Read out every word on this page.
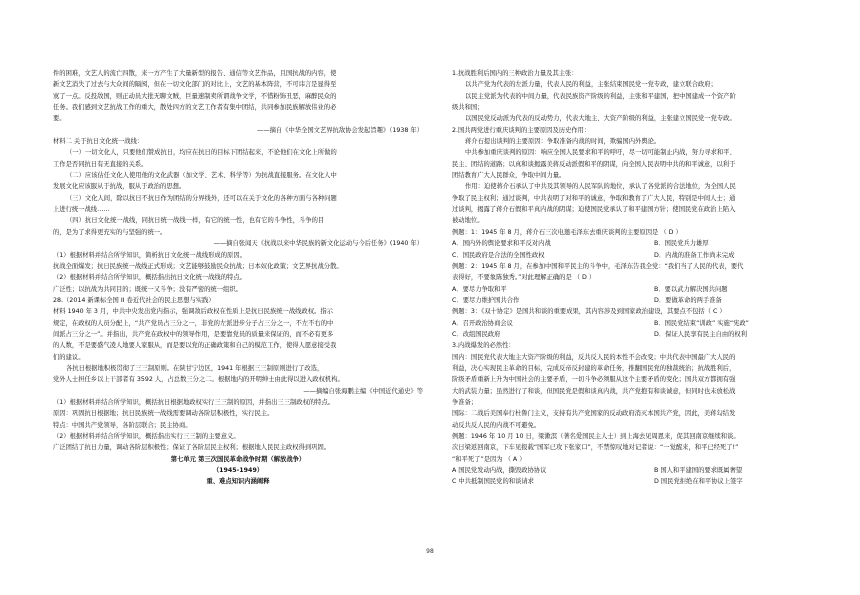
件的困难，文艺人的流亡四散，来一方产生了大量新型的报告、通信等文艺作品，且国抗战的内容，使

新文艺消失了过去与大众间的隔阂，但在一切文化部门的对比上，文艺的基本阵营，不可讳言是显得至

寞了一点。反投敌国，则正动员大批无聊文贼，巨量速制卖所谓战争文学，不惜粉饰丑恶，麻醉民众的

任务。我们感到文艺抗战工作的重大，散处四方的文艺工作者有集中团结，共同参加民族解放伟业的必

要。

——摘自《中华全国文艺界抗敌协会发起旨趣》（1938 年）

材料二 关于抗日文化统一战线：

（一）一切文化人，只要他们赞成抗日，均应在抗日的目标下团结起来，不论他们在文化上所做的

工作是否同抗日有无直接的关系。

（二）应该估任文化人使用他的文化武器（加文学、艺术、科学等）为抗战直接服务。在文化人中

发展文化应该服从于抗战，服从于政治的思想。

（三）文化人间，除以抗日不抗日作为团结的分界线外，还可以在关于文化的各种方面与各种问题

上进行统一战线……

（四）抗日文化统一战线，同抗日统一战线一样，有它的统一性，也有它的斗争性，斗争的目

的，是为了求得更充实的与坚强的统一。

——摘自张闻天《抗战以来中华民族的新文化运动与今后任务》(1940 年）

（1）根据材料并结合所学知识，简析抗日文化统一战线形成的原因。

抗战全面爆发；抗日民族统一战线正式形成；文艺能够鼓励民众抗战；日本奴化政策；文艺界抗战分散。

（2）根据材料并结合所学知识，概括指出抗日文化统一战线的特点。

广泛性；以抗战为共同目的；既统一又斗争；没有严密的统一组织。

28.（2014 新课标全国 II 卷近代社会的民主思想与实践）

材料 1940 年 3 月，中共中央发出党内指示，强调敌后政权在性质上是抗日民族统一战线政权。指示

规定，在政权的人员分配上，“共产党员占三分之一，非党的左派进步分子占三分之一，不左不右的中

间派占三分之一”。并指出，共产党在政权中的领导作用，是要靠党员的质量来保证的，而不必有更多

的人数，不是要盛气凌人地要人家服从，而是要以党的正确政策和自己的模范工作，使得人愿意接受我

们的建议。

各抗日根据地积极贯彻了三三制原则。在陕甘宁边区，1941 年根据三三制原则进行了改选，

党外人士担任乡以上干部者有 3592 人，占总数三分之二。根据地内的开明绅士由此得以进入政权机构。

——摘编自张海鹏主编《中国近代通史》等

（1）根据材料并结合所学知识，概括抗日根据地政权实行三三制的原因，并指出三三制政权的特点。

原因：巩固抗日根据地；抗日民族统一战线需要调动各阶层积极性，实行民主。

特点：中国共产党领导，各阶层联合；民主协商。

（2）根据材料并结合所学知识，概括指出实行三三制的主要意义。

广泛团结了抗日力量，调动各阶层积极性；保证了各阶层民主权利；根据地人民民主政权得到巩固。

第七单元 第三次国民革命战争时期（解放战争）

（1945-1949）

重、难点知识内涵阐释

1.抗战胜利后国内的三种政治力量及其主张：

以共产党为代表的左派力量，代表人民的利益，主张结束国民党一党专政，建立联合政府；

以民主党派为代表的中间力量，代表民族资产阶级的利益，主张和平建国，把中国建成一个资产阶

级共和国；

以国民党反动派为代表的反动势力，代表大地主、大资产阶级的利益，主张建立国民党一党专政。

2.国共两党进行重庆谈判的主要原因及历史作用：

蒋介石提出谈判的主要原因：争取准备内战的时间，欺骗国内外舆论。

中共参加重庆谈判的原因：响应全国人民要求和平的呼吁，尽一切可能制止内战，努力寻求和平、

民主、团结的道路；以真和谈揭露美蒋反动派假和平的阴谋，向全国人民表明中共的和平诚意，以利于

团结教育广大人民群众，争取中间力量。

作用：迫使蒋介石承认了中共及其领导的人民军队的地位，承认了各党派的合法地位，为全国人民

争取了民主权利；通过谈判，中共表明了对和平的诚意，争取和教育了广大人民，特别是中间人士；通

过谈判，揭露了蒋介石假和平真内战的阴谋；迫使国民党承认了和平建国方针；使国民党在政治上陷入

被动地位。

例题：1：1945 年 8 月，蒋介石三次电邀毛泽东去重庆谈判的主要原因是 （ D ）

A．国内外的舆论要求和平反对内战	B．国民党兵力雄厚
C．国民政府是合法的全国性政权	D．内战的准备工作尚未完成

例题：2：1945 年 8 月，在参加中国和平民主的斗争中，毛泽东告我全党：“我们当了人民的代表，要代

表得好，不要象陈独秀。”对此理解正确的是 （ D ）

A．要尽力争取和平	B．要以武力解决国共问题
C．要尽力维护国共合作	D．要做革命的两手准备

例题：3：《双十协定》是国共和谈的重要成果，其内容涉及到国家政治建设，其要点不包括（ C ）

A．召开政治协商会议	B．国民党结束“训政” 实施“宪政”
C．改组国民政府	D．保证人民享有民主自由的权利

3.内战爆发的必然性：

国内：国民党代表大地主大资产阶级的利益，反共反人民的本性不会改变；中共代表中国最广大人民的

利益，决心实现民主革命的目标，完成反帝反封建的革命任务，推翻国民党的独裁统治；抗战胜利后，

阶级矛盾重新上升为中国社会的主要矛盾，一切斗争必须服从这个主要矛盾的变化；国共双方都拥有强

大的武装力量；虽然进行了和谈，但国民党是假和谈真内战，共产党抱有和谈诚意，但同时也未放松战

争准备；

国际：二战后美国奉行杜鲁门主义，支持有共产党国家的反动政府消灭本国共产党，因此，美蒋勾结发

动反共反人民的内战不可避免。

例题：1946 年 10 月 10 日，梁漱溟（著名爱国民主人士）到上海去见周恩来，促其回南京继续和谈。

次日梁返回南京，下车见报载“国军已攻下张家口”，不禁惊叹地对记者说：“一觉醒来，和平已经死了!”

“和平死了”是因为 （ A ）

A 国民党发动内战，撕毁政协协议	B 国人和平建国的要求既属奢望
C 中共抵制国民党的和谈请求	D 国民党拒绝在和平协议上签字
98
